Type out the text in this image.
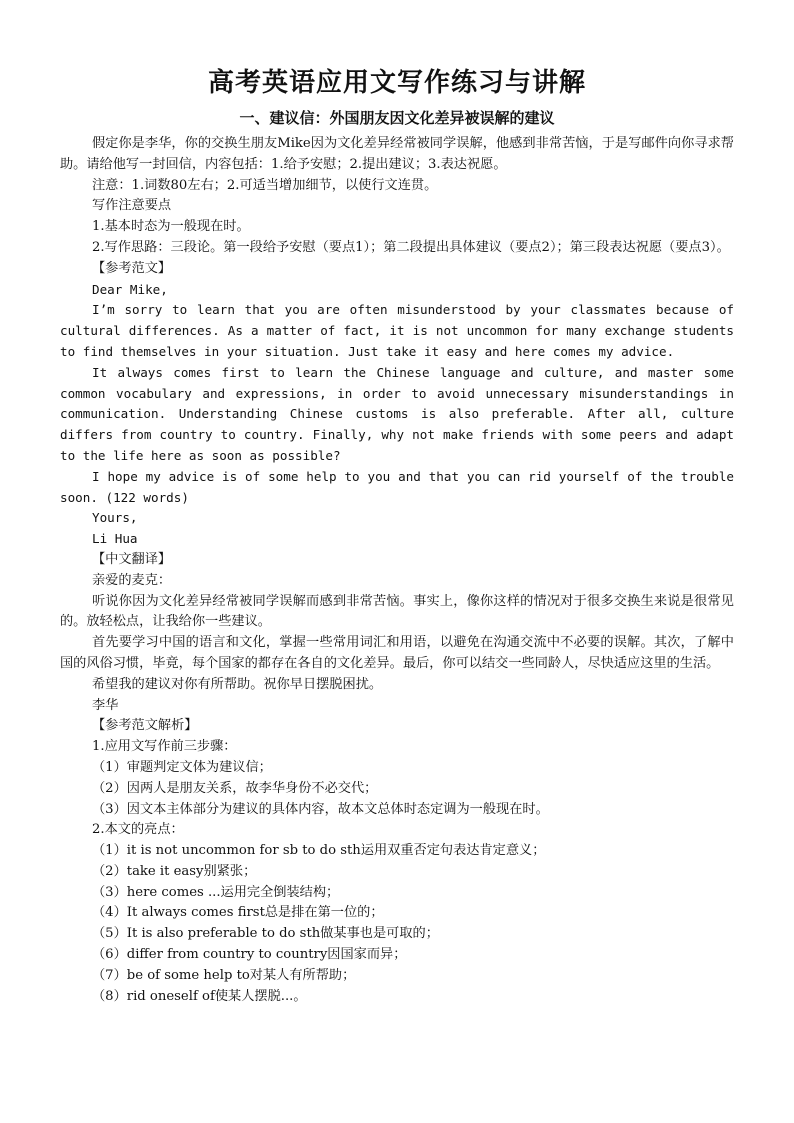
高考英语应用文写作练习与讲解
一、建议信：外国朋友因文化差异被误解的建议

假定你是李华，你的交换生朋友Mike因为文化差异经常被同学误解，他感到非常苦恼，于是写邮件向你寻求帮助。请给他写一封回信，内容包括：1.给予安慰；2.提出建议；3.表达祝愿。

注意：1.词数80左右；2.可适当增加细节，以使行文连贯。

写作注意要点

1.基本时态为一般现在时。

2.写作思路：三段论。第一段给予安慰（要点1）；第二段提出具体建议（要点2）；第三段表达祝愿（要点3）。

【参考范文】

Dear Mike,

I’m sorry to learn that you are often misunderstood by your classmates because of cultural differences. As a matter of fact, it is not uncommon for many exchange students to find themselves in your situation. Just take it easy and here comes my advice.

It always comes first to learn the Chinese language and culture, and master some common vocabulary and expressions, in order to avoid unnecessary misunderstandings in communication. Understanding Chinese customs is also preferable. After all, culture differs from country to country. Finally, why not make friends with some peers and adapt to the life here as soon as possible?

I hope my advice is of some help to you and that you can rid yourself of the trouble soon. (122 words)

Yours,

Li Hua

【中文翻译】

亲爱的麦克：

听说你因为文化差异经常被同学误解而感到非常苦恼。事实上，像你这样的情况对于很多交换生来说是很常见的。放轻松点，让我给你一些建议。

首先要学习中国的语言和文化，掌握一些常用词汇和用语，以避免在沟通交流中不必要的误解。其次，了解中国的风俗习惯，毕竟，每个国家的都存在各自的文化差异。最后，你可以结交一些同龄人，尽快适应这里的生活。

希望我的建议对你有所帮助。祝你早日摆脱困扰。

李华

【参考范文解析】

1.应用文写作前三步骤：

（1）审题判定文体为建议信；

（2）因两人是朋友关系，故李华身份不必交代；

（3）因文本主体部分为建议的具体内容，故本文总体时态定调为一般现在时。

2.本文的亮点：

（1）it is not uncommon for sb to do sth运用双重否定句表达肯定意义；

（2）take it easy别紧张；

（3）here comes ...运用完全倒装结构；

（4）It always comes first总是排在第一位的；

（5）It is also preferable to do sth做某事也是可取的；

（6）differ from country to country因国家而异；

（7）be of some help to对某人有所帮助；

（8）rid oneself of使某人摆脱...。
